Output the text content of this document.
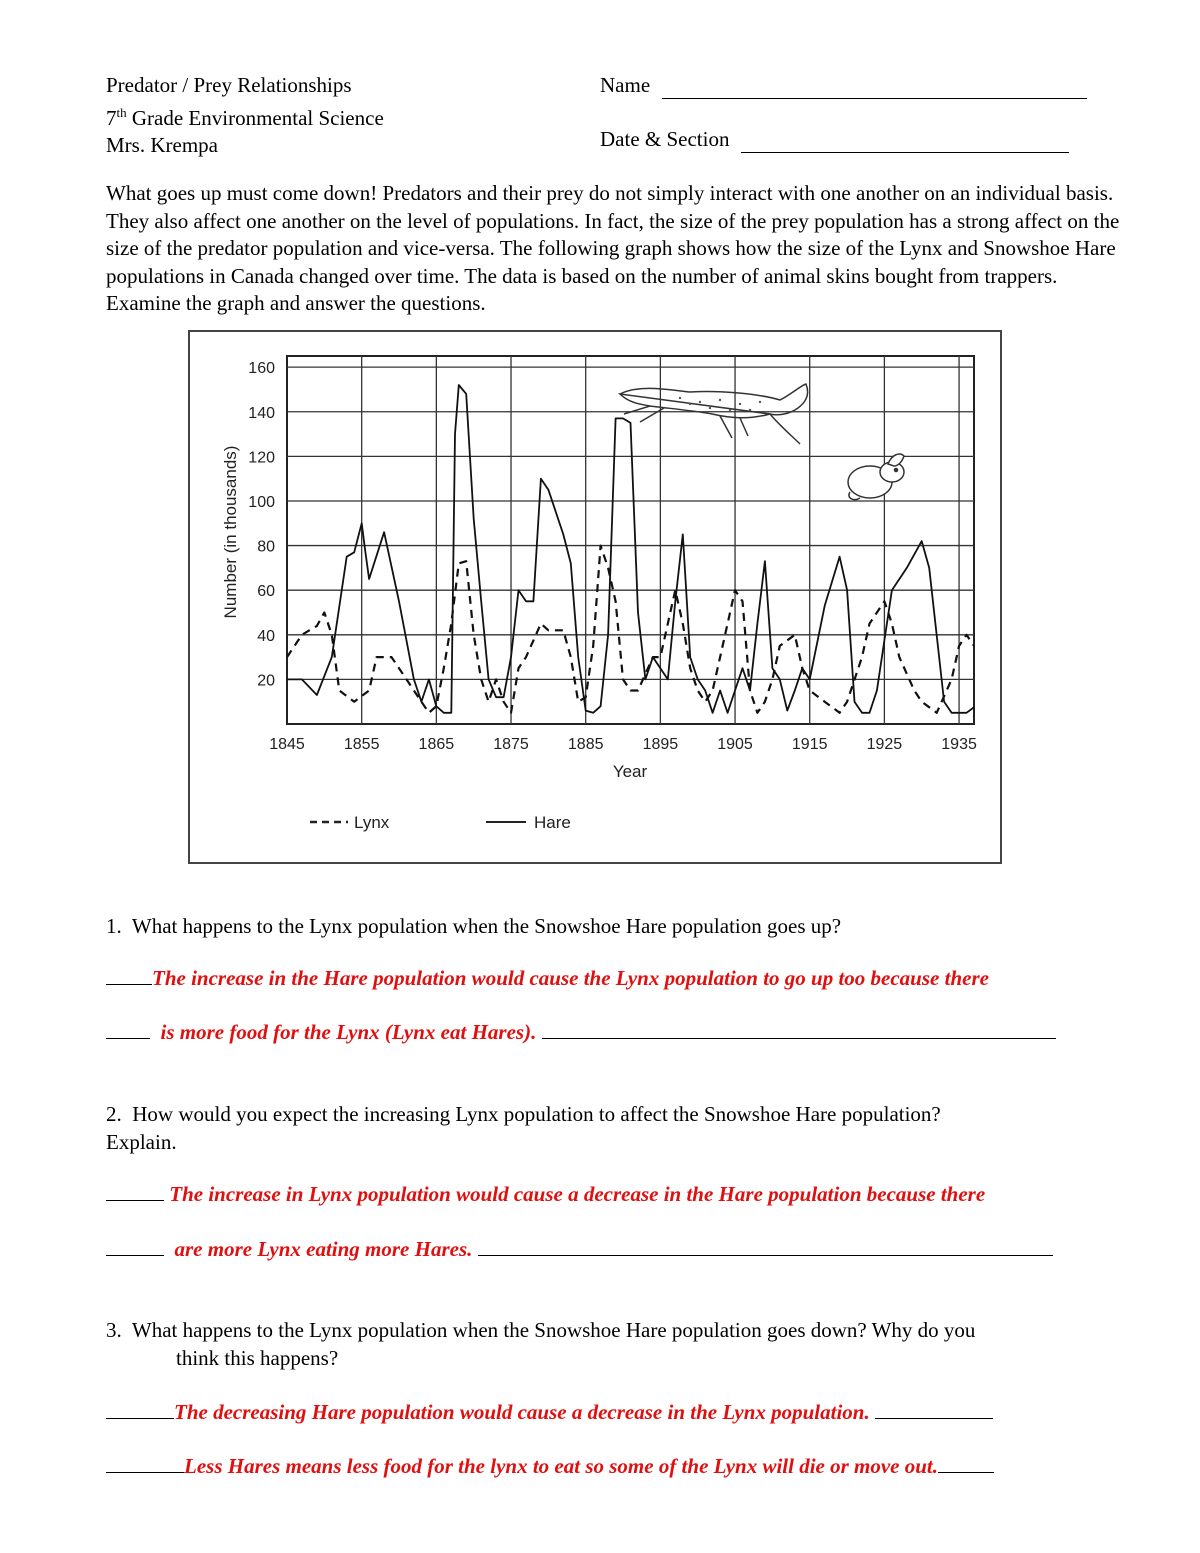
Predator / Prey Relationships
7th Grade Environmental Science
Mrs. Krempa
Name
Date & Section
What goes up must come down! Predators and their prey do not simply interact with one another on an individual basis. They also affect one another on the level of populations. In fact, the size of the prey population has a strong affect on the size of the predator population and vice-versa. The following graph shows how the size of the Lynx and Snowshoe Hare populations in Canada changed over time. The data is based on the number of animal skins bought from trappers. Examine the graph and answer the questions.
20
40
60
80
100
120
140
160
1845 1855 1865 1875 1885 1895 1905 1915 1925 1935
Number (in thousands)
Year
Lynx	Hare
1. What happens to the Lynx population when the Snowshoe Hare population goes up?
The increase in the Hare population would cause the Lynx population to go up too because there
is more food for the Lynx (Lynx eat Hares).
2. How would you expect the increasing Lynx population to affect the Snowshoe Hare population?
Explain.
The increase in Lynx population would cause a decrease in the Hare population because there
are more Lynx eating more Hares.
3. What happens to the Lynx population when the Snowshoe Hare population goes down? Why do you
think this happens?
The decreasing Hare population would cause a decrease in the Lynx population.
Less Hares means less food for the lynx to eat so some of the Lynx will die or move out.
